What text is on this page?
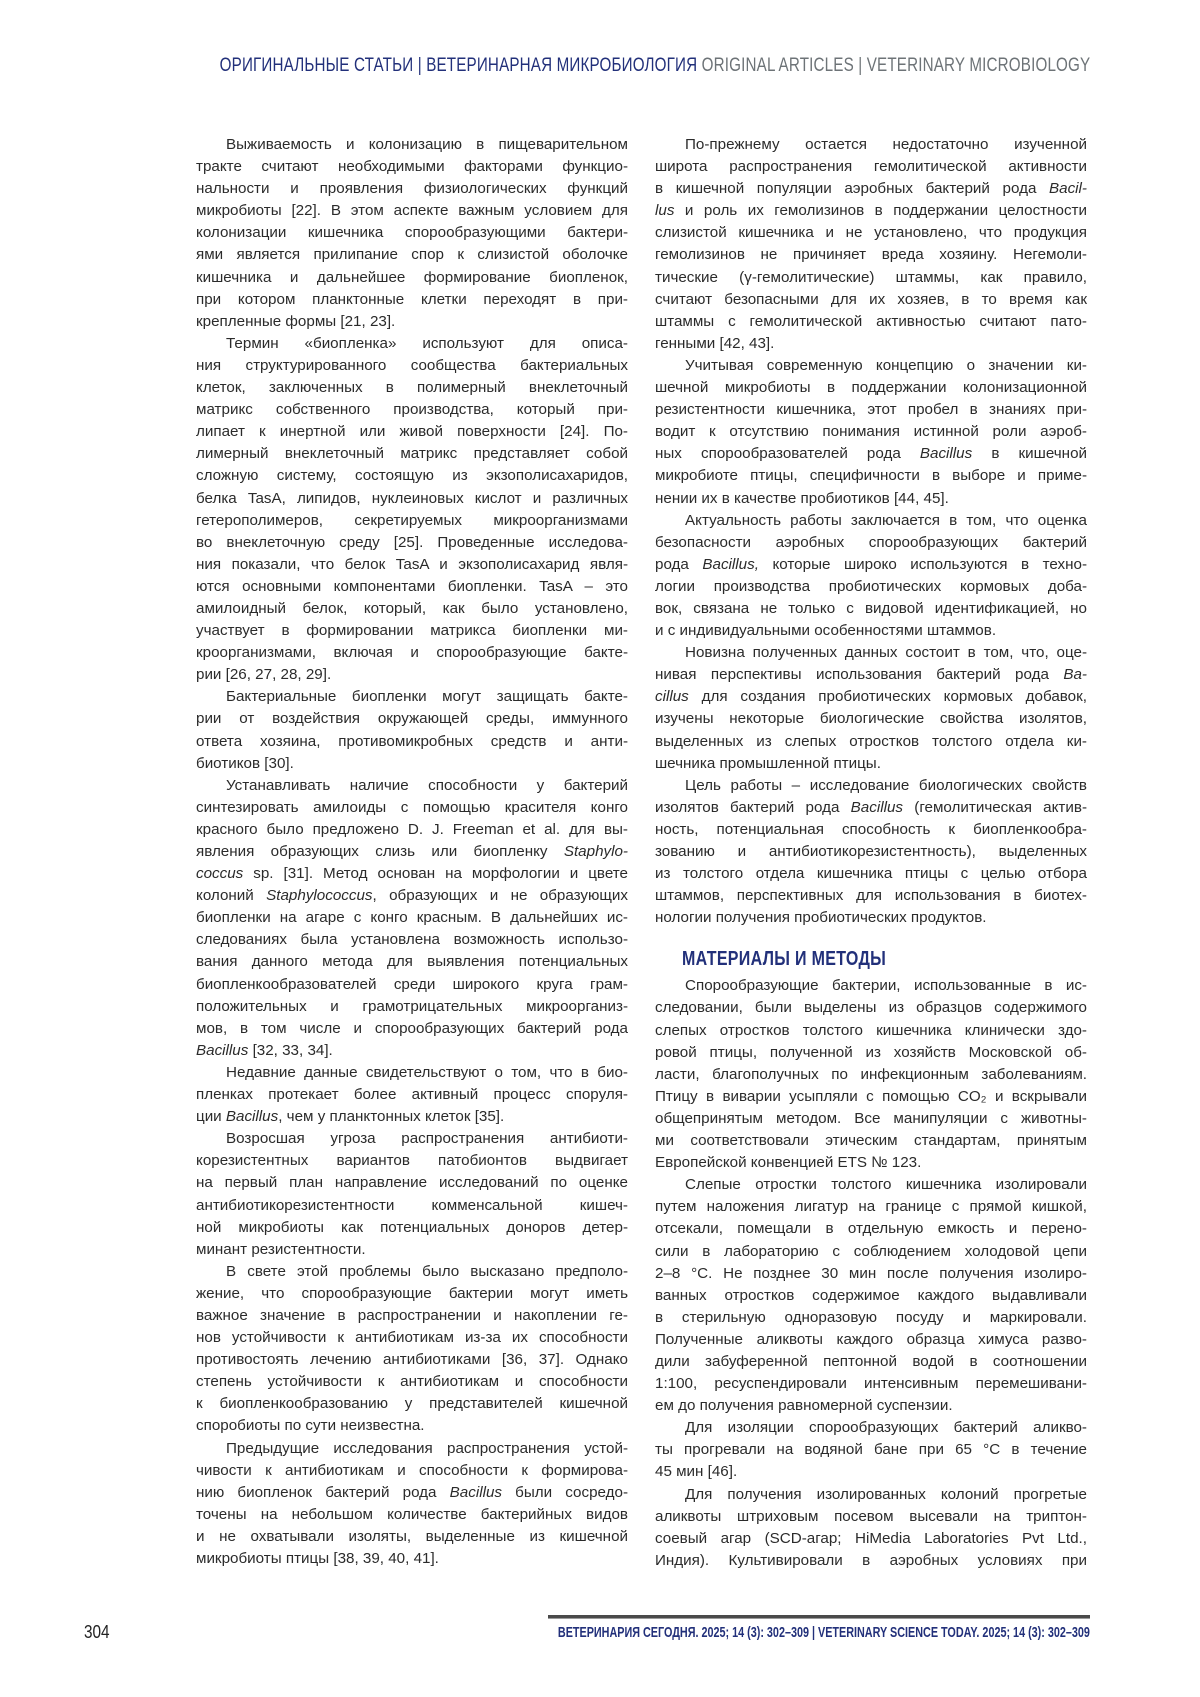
ОРИГИНАЛЬНЫЕ СТАТЬИ | ВЕТЕРИНАРНАЯ МИКРОБИОЛОГИЯ ORIGINAL ARTICLES | VETERINARY MICROBIOLOGY
Выживаемость и колонизацию в пищеварительном
тракте считают необходимыми факторами функцио-
нальности и проявления физиологических функций
микробиоты [22]. В этом аспекте важным условием для
колонизации кишечника спорообразующими бактери-
ями является прилипание спор к слизистой оболочке
кишечника и дальнейшее формирование биопленок,
при котором планктонные клетки переходят в при-
крепленные формы [21, 23].
Термин «биопленка» используют для описа-
ния структурированного сообщества бактериальных
клеток, заключенных в полимерный внеклеточный
матрикс собственного производства, который при-
липает к инертной или живой поверхности [24]. По-
лимерный внеклеточный матрикс представляет собой
сложную систему, состоящую из экзополисахаридов,
белка TasA, липидов, нуклеиновых кислот и различных
гетерополимеров, секретируемых микроорганизмами
во внеклеточную среду [25]. Проведенные исследова-
ния показали, что белок TasA и экзополисахарид явля-
ются основными компонентами биопленки. TasA – это
амилоидный белок, который, как было установлено,
участвует в формировании матрикса биопленки ми-
кроорганизмами, включая и спорообразующие бакте-
рии [26, 27, 28, 29].
Бактериальные биопленки могут защищать бакте-
рии от воздействия окружающей среды, иммунного
ответа хозяина, противомикробных средств и анти-
биотиков [30].
Устанавливать наличие способности у бактерий
синтезировать амилоиды с помощью красителя конго
красного было предложено D. J. Freeman et al. для вы-
явления образующих слизь или биопленку Staphylo-
coccus sp. [31]. Метод основан на морфологии и цвете
колоний Staphylococcus, образующих и не образующих
биопленки на агаре с конго красным. В дальнейших ис-
следованиях была установлена возможность использо-
вания данного метода для выявления потенциальных
биопленкообразователей среди широкого круга грам-
положительных и грамотрицательных микроорганиз-
мов, в том числе и спорообразующих бактерий рода
Bacillus [32, 33, 34].
Недавние данные свидетельствуют о том, что в био-
пленках протекает более активный процесс споруля-
ции Bacillus, чем у планктонных клеток [35].
Возросшая угроза распространения антибиоти-
корезистентных вариантов патобионтов выдвигает
на первый план направление исследований по оценке
антибиотикорезистентности комменсальной кишеч-
ной микробиоты как потенциальных доноров детер-
минант резистентности.
В свете этой проблемы было высказано предполо-
жение, что спорообразующие бактерии могут иметь
важное значение в распространении и накоплении ге-
нов устойчивости к антибиотикам из-за их способности
противостоять лечению антибиотиками [36, 37]. Однако
степень устойчивости к антибиотикам и способности
к биопленкообразованию у представителей кишечной
споробиоты по сути неизвестна.
Предыдущие исследования распространения устой-
чивости к антибиотикам и способности к формирова-
нию биопленок бактерий рода Bacillus были сосредо-
точены на небольшом количестве бактерийных видов
и не охватывали изоляты, выделенные из кишечной
микробиоты птицы [38, 39, 40, 41].
По-прежнему остается недостаточно изученной
широта распространения гемолитической активности
в кишечной популяции аэробных бактерий рода Bacil-
lus и роль их гемолизинов в поддержании целостности
слизистой кишечника и не установлено, что продукция
гемолизинов не причиняет вреда хозяину. Негемоли-
тические (γ-гемолитические) штаммы, как правило,
считают безопасными для их хозяев, в то время как
штаммы с гемолитической активностью считают пато-
генными [42, 43].
Учитывая современную концепцию о значении ки-
шечной микробиоты в поддержании колонизационной
резистентности кишечника, этот пробел в знаниях при-
водит к отсутствию понимания истинной роли аэроб-
ных спорообразователей рода Bacillus в кишечной
микробиоте птицы, специфичности в выборе и приме-
нении их в качестве пробиотиков [44, 45].
Актуальность работы заключается в том, что оценка
безопасности аэробных спорообразующих бактерий
рода Bacillus, которые широко используются в техно-
логии производства пробиотических кормовых доба-
вок, связана не только с видовой идентификацией, но
и с индивидуальными особенностями штаммов.
Новизна полученных данных состоит в том, что, оце-
нивая перспективы использования бактерий рода Ba-
cillus для создания пробиотических кормовых добавок,
изучены некоторые биологические свойства изолятов,
выделенных из слепых отростков толстого отдела ки-
шечника промышленной птицы.
Цель работы – исследование биологических свойств
изолятов бактерий рода Bacillus (гемолитическая актив-
ность, потенциальная способность к биопленкообра-
зованию и антибиотикорезистентность), выделенных
из толстого отдела кишечника птицы с целью отбора
штаммов, перспективных для использования в биотех-
нологии получения пробиотических продуктов.
МАТЕРИАЛЫ И МЕТОДЫ
Спорообразующие бактерии, использованные в ис-
следовании, были выделены из образцов содержимого
слепых отростков толстого кишечника клинически здо-
ровой птицы, полученной из хозяйств Московской об-
ласти, благополучных по инфекционным заболеваниям.
Птицу в виварии усыпляли с помощью CO₂ и вскрывали
общепринятым методом. Все манипуляции с животны-
ми соответствовали этическим стандартам, принятым
Европейской конвенцией ETS № 123.
Слепые отростки толстого кишечника изолировали
путем наложения лигатур на границе с прямой кишкой,
отсекали, помещали в отдельную емкость и перено-
сили в лабораторию с соблюдением холодовой цепи
2–8 °C. Не позднее 30 мин после получения изолиро-
ванных отростков содержимое каждого выдавливали
в стерильную одноразовую посуду и маркировали.
Полученные аликвоты каждого образца химуса разво-
дили забуференной пептонной водой в соотношении
1:100, ресуспендировали интенсивным перемешивани-
ем до получения равномерной суспензии.
Для изоляции спорообразующих бактерий аликво-
ты прогревали на водяной бане при 65 °C в течение
45 мин [46].
Для получения изолированных колоний прогретые
аликвоты штриховым посевом высевали на триптон-
соевый агар (SCD-агар; HiMedia Laboratories Pvt Ltd.,
Индия). Культивировали в аэробных условиях при
304	ВЕТЕРИНАРИЯ СЕГОДНЯ. 2025; 14 (3): 302–309 | VETERINARY SCIENCE TODAY. 2025; 14 (3): 302–309
